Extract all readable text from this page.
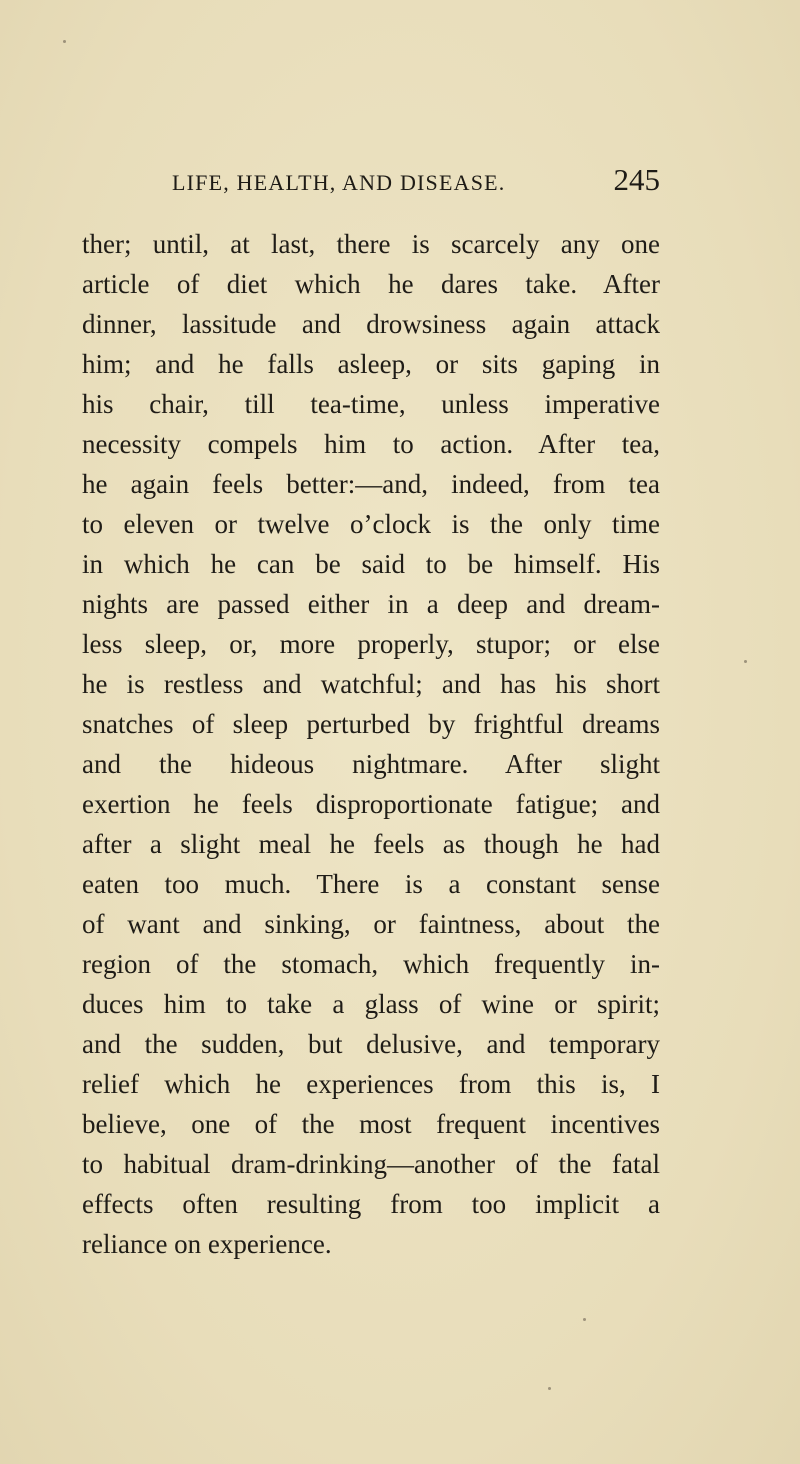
LIFE, HEALTH, AND DISEASE.	245
ther; until, at last, there is scarcely any one
article of diet which he dares take. After
dinner, lassitude and drowsiness again attack
him; and he falls asleep, or sits gaping in
his chair, till tea-time, unless imperative
necessity compels him to action. After tea,
he again feels better:—and, indeed, from tea
to eleven or twelve o’clock is the only time
in which he can be said to be himself. His
nights are passed either in a deep and dream-
less sleep, or, more properly, stupor; or else
he is restless and watchful; and has his short
snatches of sleep perturbed by frightful dreams
and the hideous nightmare. After slight
exertion he feels disproportionate fatigue; and
after a slight meal he feels as though he had
eaten too much. There is a constant sense
of want and sinking, or faintness, about the
region of the stomach, which frequently in-
duces him to take a glass of wine or spirit;
and the sudden, but delusive, and temporary
relief which he experiences from this is, I
believe, one of the most frequent incentives
to habitual dram-drinking—another of the fatal
effects often resulting from too implicit a
reliance on experience.
